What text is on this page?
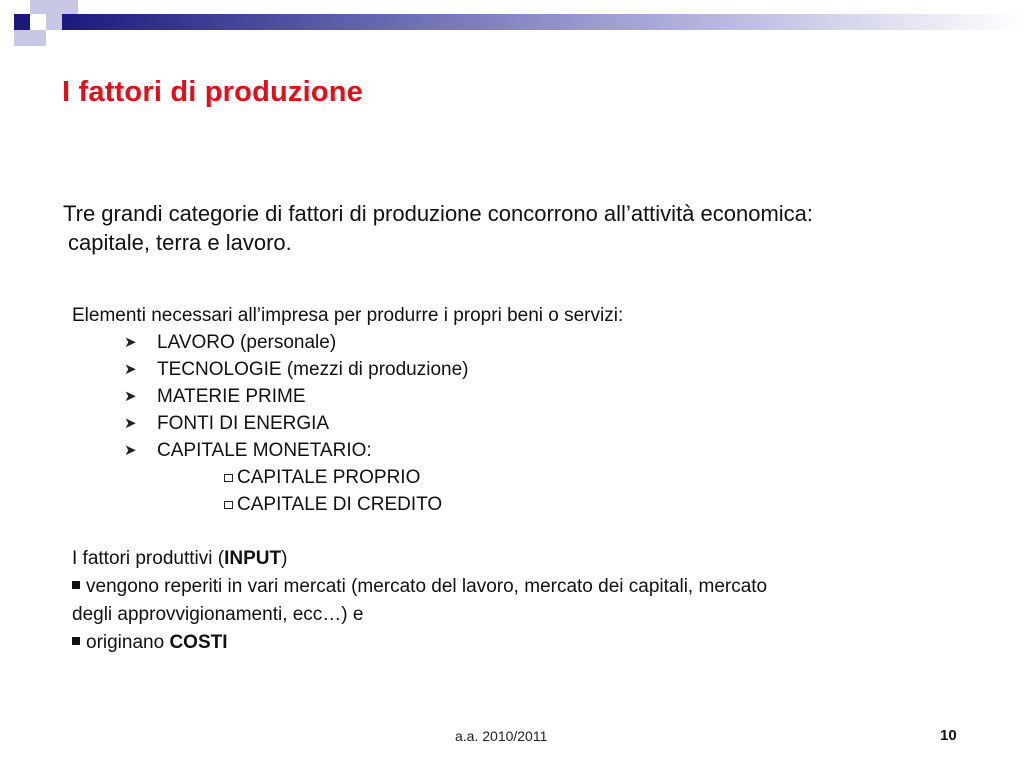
I fattori di produzione
Tre grandi categorie di fattori di produzione concorrono all’attività economica:
capitale, terra e lavoro.
Elementi necessari all’impresa per produrre i propri beni o servizi:
➤ LAVORO (personale)
➤ TECNOLOGIE (mezzi di produzione)
➤ MATERIE PRIME
➤ FONTI DI ENERGIA
➤ CAPITALE MONETARIO:
CAPITALE PROPRIO
CAPITALE DI CREDITO

I fattori produttivi (INPUT)

vengono reperiti in vari mercati (mercato del lavoro, mercato dei capitali, mercato

degli approvvigionamenti, ecc…) e

originano COSTI

a.a. 2010/2011	10
